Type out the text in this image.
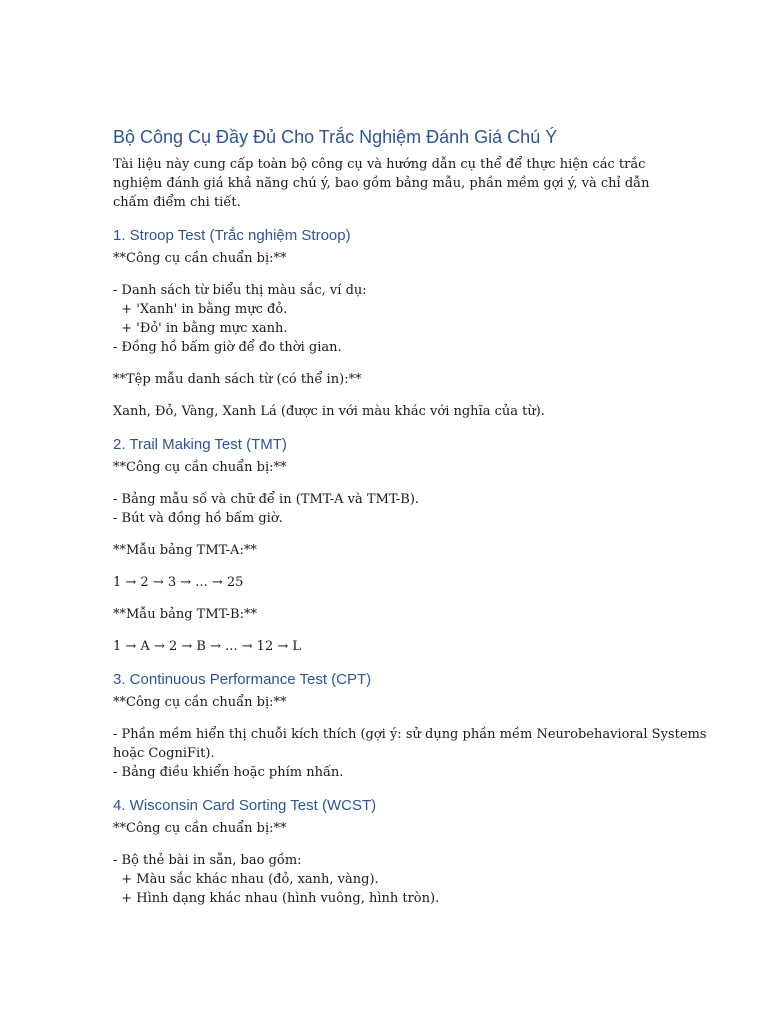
Bộ Công Cụ Đầy Đủ Cho Trắc Nghiệm Đánh Giá Chú Ý

Tài liệu này cung cấp toàn bộ công cụ và hướng dẫn cụ thể để thực hiện các trắc nghiệm đánh giá khả năng chú ý, bao gồm bảng mẫu, phần mềm gợi ý, và chỉ dẫn chấm điểm chi tiết.

1. Stroop Test (Trắc nghiệm Stroop)
**Công cụ cần chuẩn bị:**
- Danh sách từ biểu thị màu sắc, ví dụ:
+ 'Xanh' in bằng mực đỏ.
+ 'Đỏ' in bằng mực xanh.
- Đồng hồ bấm giờ để đo thời gian.
**Tệp mẫu danh sách từ (có thể in):**
Xanh, Đỏ, Vàng, Xanh Lá (được in với màu khác với nghĩa của từ).
2. Trail Making Test (TMT)
**Công cụ cần chuẩn bị:**
- Bảng mẫu số và chữ để in (TMT-A và TMT-B).
- Bút và đồng hồ bấm giờ.
**Mẫu bảng TMT-A:**
1 → 2 → 3 → ... → 25
**Mẫu bảng TMT-B:**
1 → A → 2 → B → ... → 12 → L
3. Continuous Performance Test (CPT)
**Công cụ cần chuẩn bị:**
- Phần mềm hiển thị chuỗi kích thích (gợi ý: sử dụng phần mềm Neurobehavioral Systems
hoặc CogniFit).
- Bảng điều khiển hoặc phím nhấn.
4. Wisconsin Card Sorting Test (WCST)
**Công cụ cần chuẩn bị:**
- Bộ thẻ bài in sẵn, bao gồm:
+ Màu sắc khác nhau (đỏ, xanh, vàng).
+ Hình dạng khác nhau (hình vuông, hình tròn).
